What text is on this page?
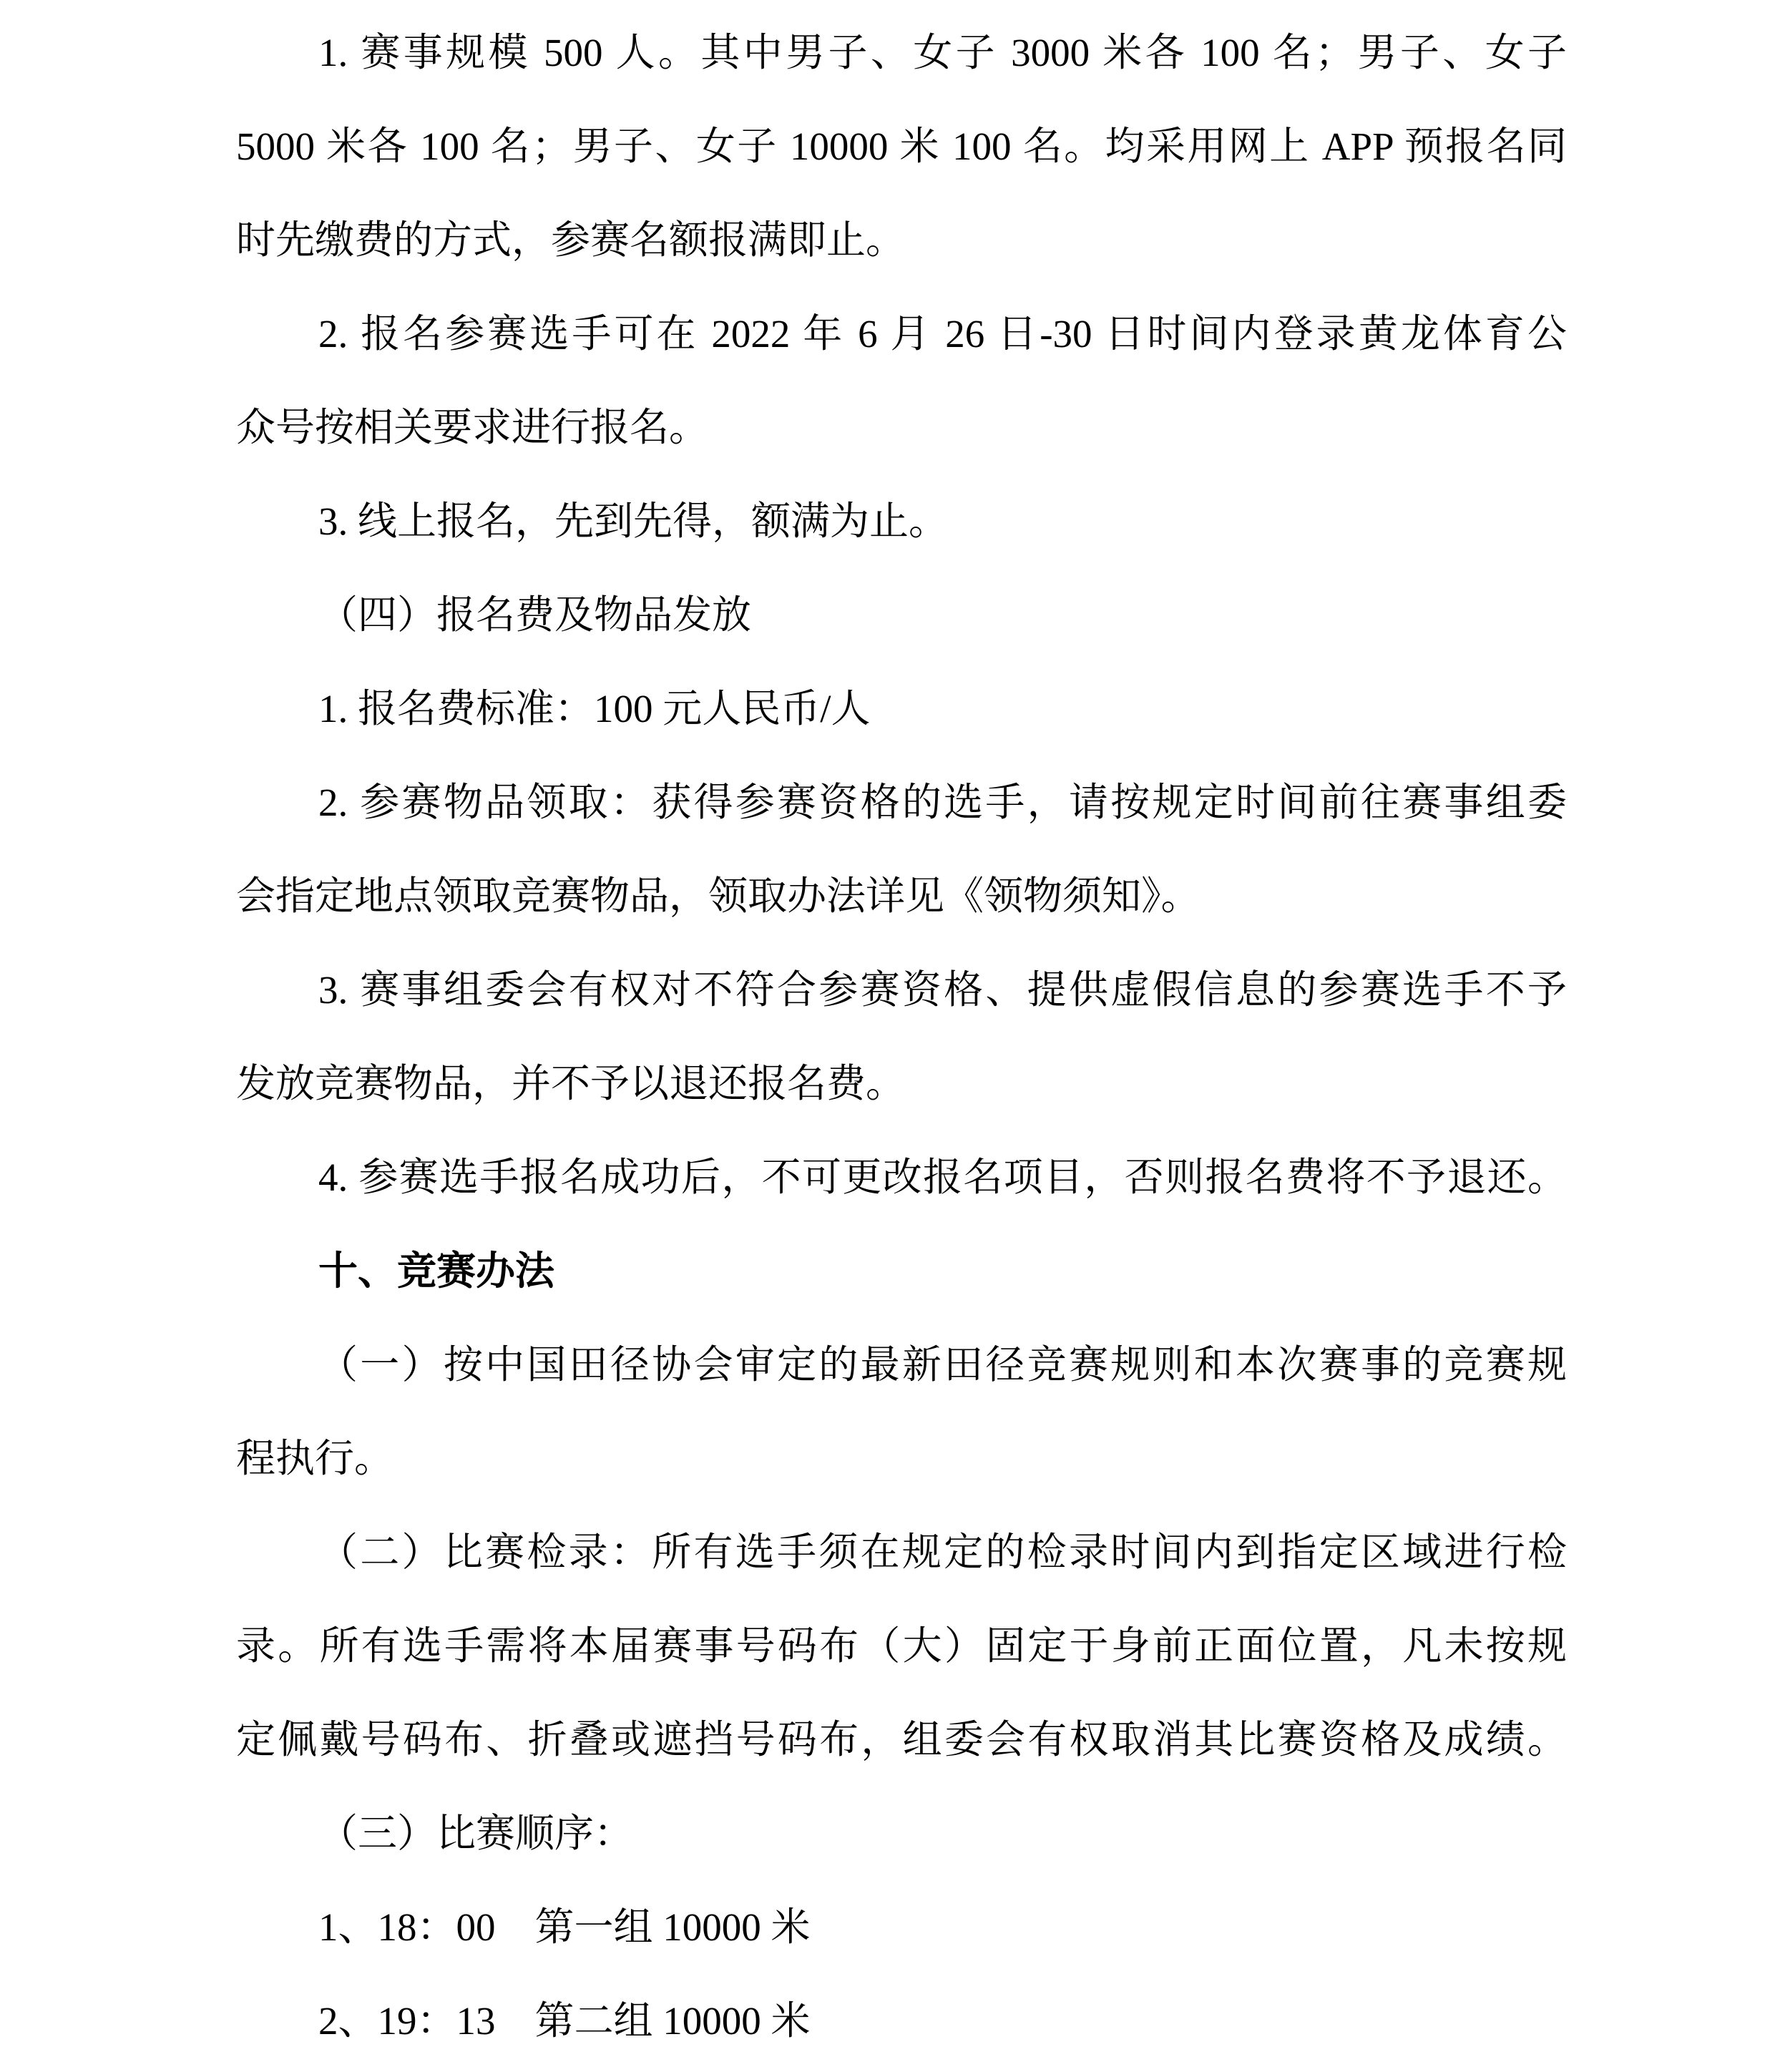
1. 赛事规模 500 人。其中男子、女子 3000 米各 100 名；男子、女子
5000 米各 100 名；男子、女子 10000 米 100 名。均采用网上 APP 预报名同
时先缴费的方式，参赛名额报满即止。
2. 报名参赛选手可在 2022 年 6 月 26 日-30 日时间内登录黄龙体育公
众号按相关要求进行报名。
3. 线上报名，先到先得，额满为止。
（四）报名费及物品发放
1. 报名费标准：100 元人民币/人
2. 参赛物品领取：获得参赛资格的选手，请按规定时间前往赛事组委
会指定地点领取竞赛物品，领取办法详见《领物须知》。
3. 赛事组委会有权对不符合参赛资格、提供虚假信息的参赛选手不予
发放竞赛物品，并不予以退还报名费。
4. 参赛选手报名成功后，不可更改报名项目，否则报名费将不予退还。
十、竞赛办法
（一）按中国田径协会审定的最新田径竞赛规则和本次赛事的竞赛规
程执行。
（二）比赛检录：所有选手须在规定的检录时间内到指定区域进行检
录。所有选手需将本届赛事号码布（大）固定于身前正面位置，凡未按规
定佩戴号码布、折叠或遮挡号码布，组委会有权取消其比赛资格及成绩。
（三）比赛顺序：
1、18：00　第一组 10000 米
2、19：13　第二组 10000 米
